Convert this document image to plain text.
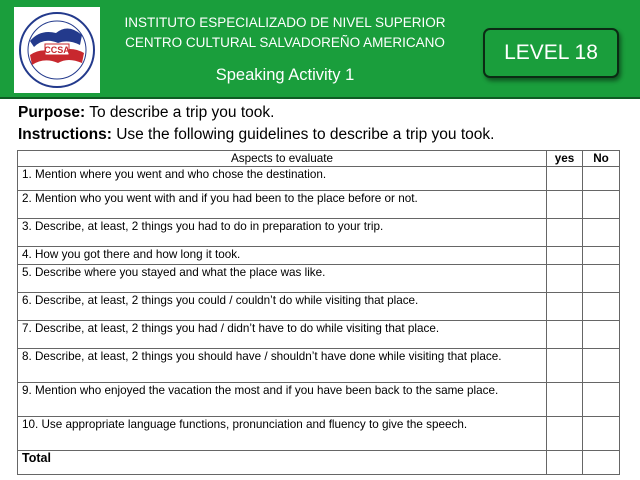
CCSA
INSTITUTO ESPECIALIZADO DE NIVEL SUPERIOR
CENTRO CULTURAL SALVADOREÑO AMERICANO
Speaking Activity 1
LEVEL 18
Purpose: To describe a trip you took.
Instructions: Use the following guidelines to describe a trip you took.
Aspects to evaluate	yes	No
1. Mention where you went and who chose the destination.		
2. Mention who you went with and if you had been to the place before or not.		
3. Describe, at least, 2 things you had to do in preparation to your trip.		
4. How you got there and how long it took.		
5. Describe where you stayed and what the place was like.		
6. Describe, at least, 2 things you could / couldn’t do while visiting that place.		
7. Describe, at least, 2 things you had / didn’t have to do while visiting that place.		
8. Describe, at least, 2 things you should have / shouldn’t have done while visiting that place.		
9. Mention who enjoyed the vacation the most and if you have been back to the same place.		
10. Use appropriate language functions, pronunciation and fluency to give the speech.		
Total		
